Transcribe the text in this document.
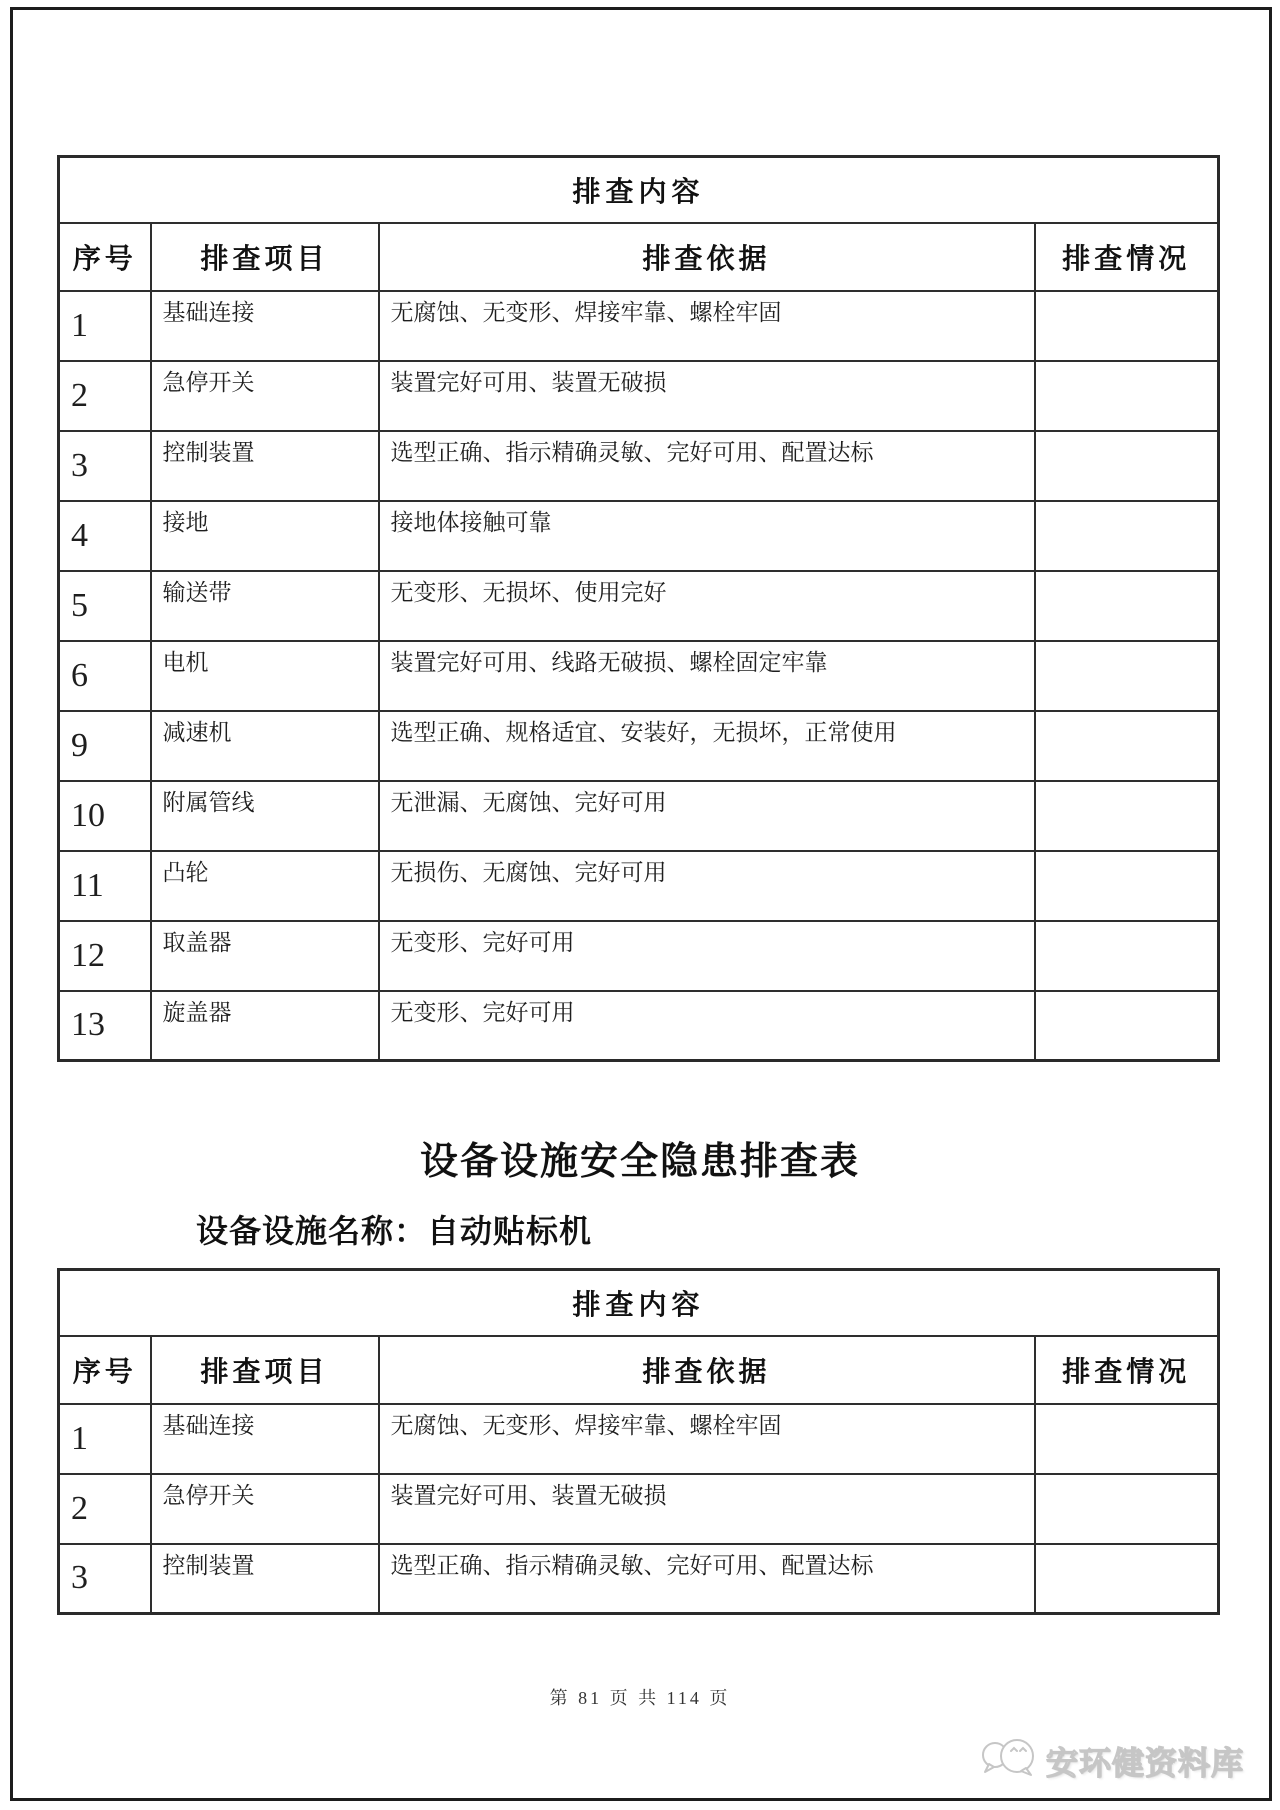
排查内容			
序号	排查项目	排查依据	排查情况
1	基础连接	无腐蚀、无变形、焊接牢靠、螺栓牢固	
2	急停开关	装置完好可用、装置无破损	
3	控制装置	选型正确、指示精确灵敏、完好可用、配置达标	
4	接地	接地体接触可靠	
5	输送带	无变形、无损坏、使用完好	
6	电机	装置完好可用、线路无破损、螺栓固定牢靠	
9	减速机	选型正确、规格适宜、安装好，无损坏，正常使用	
10	附属管线	无泄漏、无腐蚀、完好可用	
11	凸轮	无损伤、无腐蚀、完好可用	
12	取盖器	无变形、完好可用	
13	旋盖器	无变形、完好可用	
设备设施安全隐患排查表
设备设施名称：自动贴标机
排查内容			
序号	排查项目	排查依据	排查情况
1	基础连接	无腐蚀、无变形、焊接牢靠、螺栓牢固	
2	急停开关	装置完好可用、装置无破损	
3	控制装置	选型正确、指示精确灵敏、完好可用、配置达标	
第 81 页 共 114 页
安环健资料库
